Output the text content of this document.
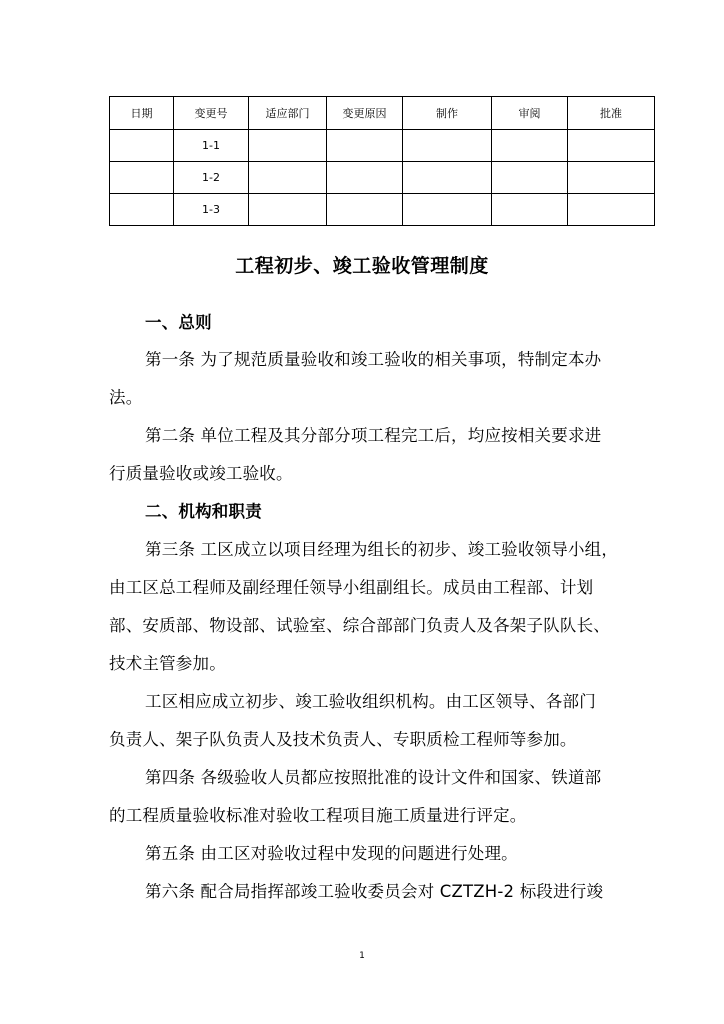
日期	变更号	适应部门	变更原因	制作	审阅	批准
	1-1					
	1-2					
	1-3					
工程初步、竣工验收管理制度
一、总则
第一条 为了规范质量验收和竣工验收的相关事项，特制定本办
法。
第二条 单位工程及其分部分项工程完工后，均应按相关要求进
行质量验收或竣工验收。
二、机构和职责
第三条 工区成立以项目经理为组长的初步、竣工验收领导小组，
由工区总工程师及副经理任领导小组副组长。成员由工程部、计划
部、安质部、物设部、试验室、综合部部门负责人及各架子队队长、
技术主管参加。
工区相应成立初步、竣工验收组织机构。由工区领导、各部门
负责人、架子队负责人及技术负责人、专职质检工程师等参加。
第四条 各级验收人员都应按照批准的设计文件和国家、铁道部
的工程质量验收标准对验收工程项目施工质量进行评定。
第五条 由工区对验收过程中发现的问题进行处理。
第六条 配合局指挥部竣工验收委员会对 CZTZH-2 标段进行竣
1
